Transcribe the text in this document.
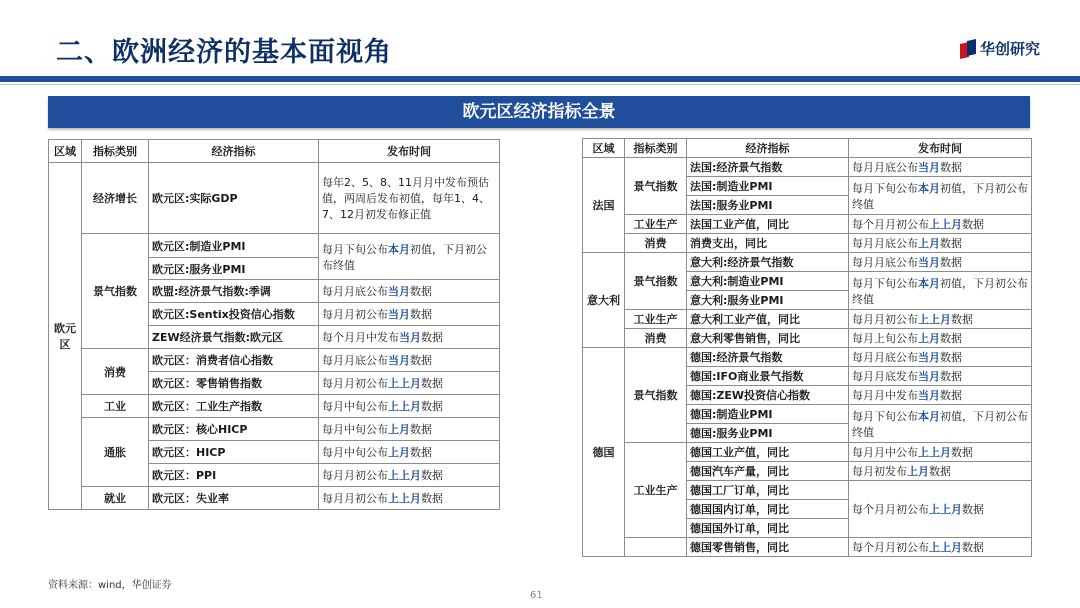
二、欧洲经济的基本面视角	华创研究
欧元区经济指标全景
区域	指标类别	经济指标	发布时间
欧元区	经济增长	欧元区:实际GDP	每年2、5、8、11月月中发布预估值，两周后发布初值，每年1、4、7、12月初发布修正值
	景气指数	欧元区:制造业PMI	每月下旬公布本月初值，下月初公布终值
		欧元区:服务业PMI	
		欧盟:经济景气指数:季调	每月月底公布当月数据
		欧元区:Sentix投资信心指数	每月月初公布当月数据
		ZEW经济景气指数:欧元区	每个月月中发布当月数据
	消费	欧元区：消费者信心指数	每月月底公布当月数据
		欧元区：零售销售指数	每月月初公布上上月数据
	工业	欧元区：工业生产指数	每月中旬公布上上月数据
	通胀	欧元区：核心HICP	每月中旬公布上月数据
		欧元区：HICP	每月中旬公布上月数据
		欧元区：PPI	每月月初公布上上月数据
	就业	欧元区：失业率	每月月初公布上上月数据
区域	指标类别	经济指标	发布时间
法国	景气指数	法国:经济景气指数	每月月底公布当月数据
		法国:制造业PMI	每月下旬公布本月初值，下月初公布终值
		法国:服务业PMI	
	工业生产	法国工业产值，同比	每个月月初公布上上月数据
	消费	消费支出，同比	每月月底公布上月数据
意大利	景气指数	意大利:经济景气指数	每月月底公布当月数据
		意大利:制造业PMI	每月下旬公布本月初值，下月初公布终值
		意大利:服务业PMI	
	工业生产	意大利工业产值，同比	每月月初公布上上月数据
	消费	意大利零售销售，同比	每月上旬公布上月数据
德国	景气指数	德国:经济景气指数	每月月底公布当月数据
		德国:IFO商业景气指数	每月月底发布当月数据
		德国:ZEW投资信心指数	每月月中发布当月数据
		德国:制造业PMI	每月下旬公布本月初值，下月初公布终值
		德国:服务业PMI	
	工业生产	德国工业产值，同比	每月月中公布上上月数据
		德国汽车产量，同比	每月初发布上月数据
		德国工厂订单，同比	每个月月初公布上上月数据
		德国国内订单，同比	
		德国国外订单，同比	
		德国零售销售，同比	每个月月初公布上上月数据
资料来源：wind，华创证券
61
